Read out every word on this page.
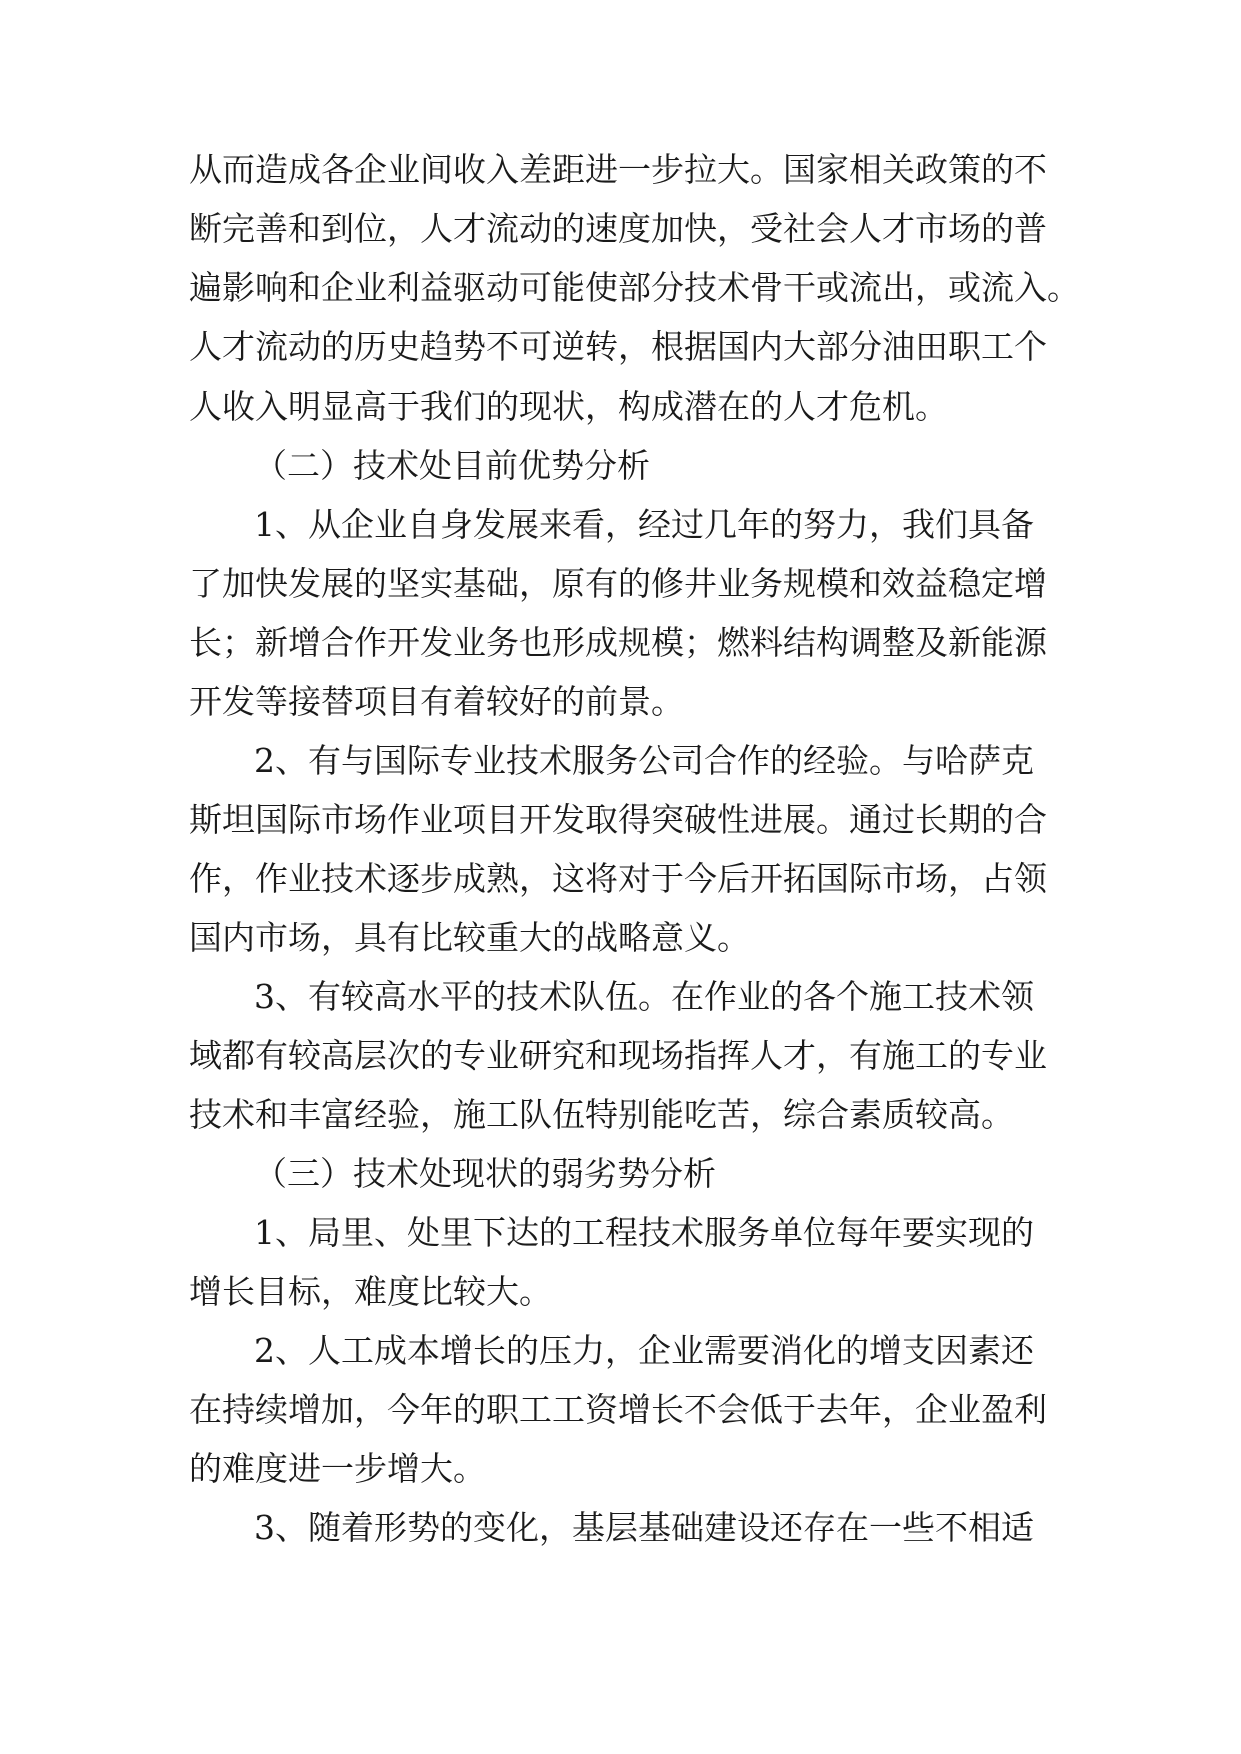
从而造成各企业间收入差距进一步拉大。国家相关政策的不
断完善和到位，人才流动的速度加快，受社会人才市场的普
遍影响和企业利益驱动可能使部分技术骨干或流出，或流入。
人才流动的历史趋势不可逆转，根据国内大部分油田职工个
人收入明显高于我们的现状，构成潜在的人才危机。
（二）技术处目前优势分析
1、从企业自身发展来看，经过几年的努力，我们具备
了加快发展的坚实基础，原有的修井业务规模和效益稳定增
长；新增合作开发业务也形成规模；燃料结构调整及新能源
开发等接替项目有着较好的前景。
2、有与国际专业技术服务公司合作的经验。与哈萨克
斯坦国际市场作业项目开发取得突破性进展。通过长期的合
作，作业技术逐步成熟，这将对于今后开拓国际市场，占领
国内市场，具有比较重大的战略意义。
3、有较高水平的技术队伍。在作业的各个施工技术领
域都有较高层次的专业研究和现场指挥人才，有施工的专业
技术和丰富经验，施工队伍特别能吃苦，综合素质较高。
（三）技术处现状的弱劣势分析
1、局里、处里下达的工程技术服务单位每年要实现的
增长目标，难度比较大。
2、人工成本增长的压力，企业需要消化的增支因素还
在持续增加，今年的职工工资增长不会低于去年，企业盈利
的难度进一步增大。
3、随着形势的变化，基层基础建设还存在一些不相适
